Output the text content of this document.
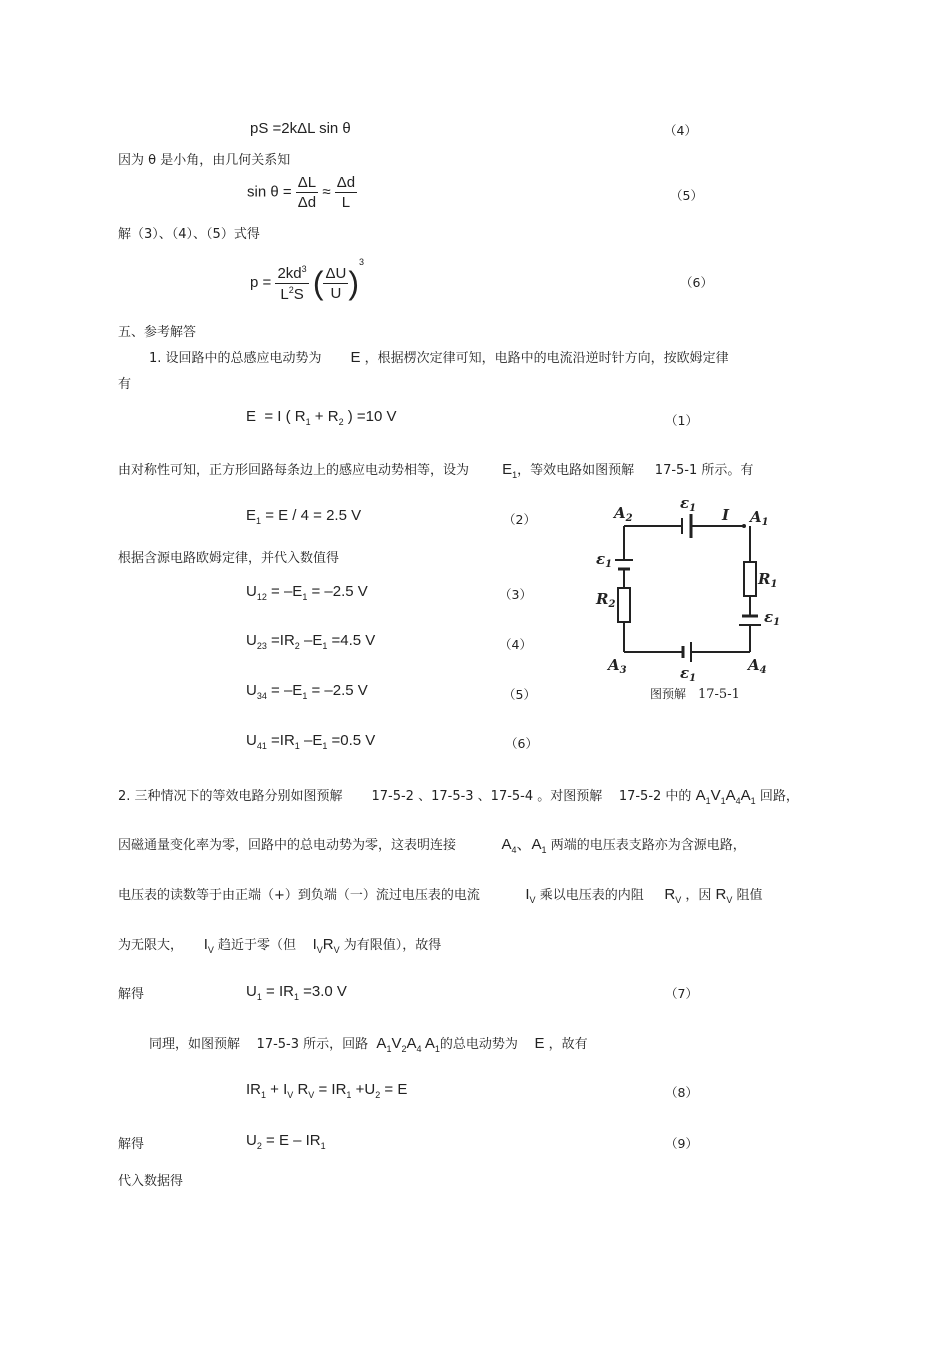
pS =2kΔL sin θ	（4）
因为 θ 是小角，由几何关系知
$\sin \theta = \frac{\Delta L}{\Delta d} \approx \frac{\Delta d}{L}$	（5）
解（3）、（4）、（5）式得
$p = \frac{2kd^3}{L^2S}$ ( $\frac{\Delta U}{U} )^3$
（6）
五、参考解答
1. 设回路中的总感应电动势为 E ，根据楞次定律可知，电路中的电流沿逆时针方向，按欧姆定律
有
E  = I ( $R_1 + R_2$ ) =10 V	（1）
由对称性可知，正方形回路每条边上的感应电动势相等，设为 $E_1$，等效电路如图预解 17-5-1 所示。有
$E_1 = E / 4 = 2.5$ V	（2）
根据含源电路欧姆定律，并代入数值得
$U_{12} = -E_1 = -2.5$ V	（3）
$U_{23} =IR_2$ $-E_1 =4.5$ V	（4）
$U_{34} = -E_1 = -2.5$ V	（5）
$U_{41} =IR_1$ $-E_1 =0.5$ V	（6）
$A_2$	$A_1$
$A_3$	$A_4$
I
$R_1$
$R_2$
$\varepsilon_1$
$\varepsilon_1$
$\varepsilon_1$
$\varepsilon_1$
图预解 17-5-1
2. 三种情况下的等效电路分别如图预解 17-5-2 、17-5-3 、17-5-4 。对图预解 17-5-2 中的 $A_1V_1A_4A_1$ 回路，
因磁通量变化率为零，回路中的总电动势为零，这表明连接	$A_4$、$A_1$ 两端的电压表支路亦为含源电路，
电压表的读数等于由正端（+）到负端（一）流过电压表的电流	$I_V$ 乘以电压表的内阻 $R_V$ ，因 $R_V$ 阻值
为无限大， $I_V$ 趋近于零（但 $I_VR_V$ 为有限值），故得
解得	$U_1 = IR_1 =3.0$ V	（7）
同理，如图预解 17-5-3 所示，回路 $A_1V_2A_4$ $A_1$的总电动势为 E ，故有
$IR_1 + I_V$ $R_V = IR_1 +U_2 = E$	（8）
解得	$U_2 = E - IR_1$	（9）
代入数据得
